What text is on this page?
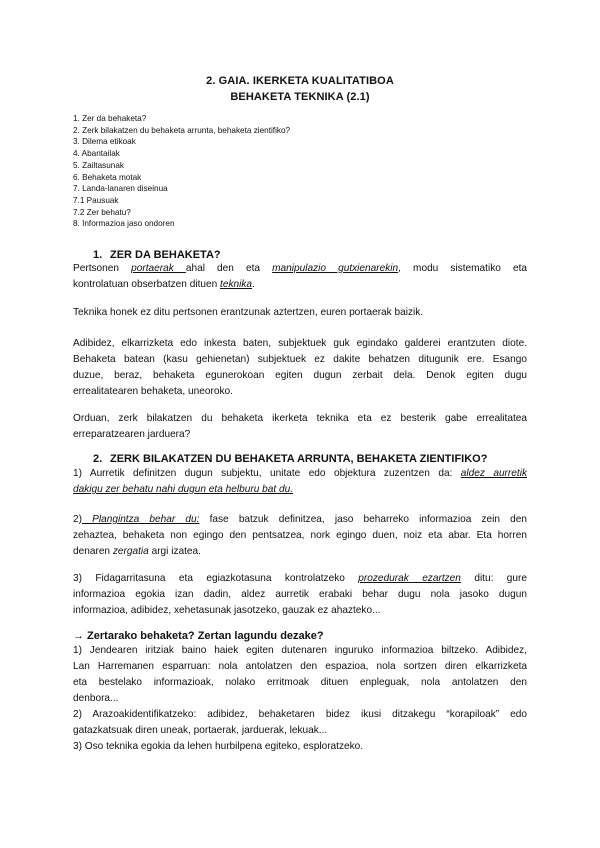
2. GAIA. IKERKETA KUALITATIBOA
BEHAKETA TEKNIKA (2.1)
1. Zer da behaketa?
2. Zerk bilakatzen du behaketa arrunta, behaketa zientifiko?
3. Dilema etikoak
4. Abantailak
5. Zailtasunak
6. Behaketa motak
7. Landa-lanaren diseinua
7.1 Pausuak
7.2 Zer behatu?
8. Informazioa jaso ondoren
1. ZER DA BEHAKETA?
Pertsonen portaerak ahal den eta manipulazio gutxienarekin, modu sistematiko eta
kontrolatuan obserbatzen dituen teknika.
Teknika honek ez ditu pertsonen erantzunak aztertzen, euren portaerak baizik.
Adibidez, elkarrizketa edo inkesta baten, subjektuek guk egindako galderei erantzuten diote.
Behaketa batean (kasu gehienetan) subjektuek ez dakite behatzen ditugunik ere. Esango
duzue, beraz, behaketa egunerokoan egiten dugun zerbait dela. Denok egiten dugu
errealitatearen behaketa, uneoroko.
Orduan, zerk bilakatzen du behaketa ikerketa teknika eta ez besterik gabe errealitatea
erreparatzearen jarduera?
2. ZERK BILAKATZEN DU BEHAKETA ARRUNTA, BEHAKETA ZIENTIFIKO?
1) Aurretik definitzen dugun subjektu, unitate edo objektura zuzentzen da: aldez aurretik
dakigu zer behatu nahi dugun eta helburu bat du.
2) Plangintza behar du: fase batzuk definitzea, jaso beharreko informazioa zein den
zehaztea, behaketa non egingo den pentsatzea, nork egingo duen, noiz eta abar. Eta horren
denaren zergatia argi izatea.
3) Fidagarritasuna eta egiazkotasuna kontrolatzeko prozedurak ezartzen ditu: gure
informazioa egokia izan dadin, aldez aurretik erabaki behar dugu nola jasoko dugun
informazioa, adibidez, xehetasunak jasotzeko, gauzak ez ahazteko...
→ Zertarako behaketa? Zertan lagundu dezake?
1) Jendearen iritziak baino haiek egiten dutenaren inguruko informazioa biltzeko. Adibidez,
Lan Harremanen esparruan: nola antolatzen den espazioa, nola sortzen diren elkarrizketa
eta bestelako informazioak, nolako erritmoak dituen enpleguak, nola antolatzen den
denbora...
2) Arazoakidentifikatzeko: adibidez, behaketaren bidez ikusi ditzakegu “korapiloak” edo
gatazkatsuak diren uneak, portaerak, jarduerak, lekuak...
3) Oso teknika egokia da lehen hurbilpena egiteko, esploratzeko.
